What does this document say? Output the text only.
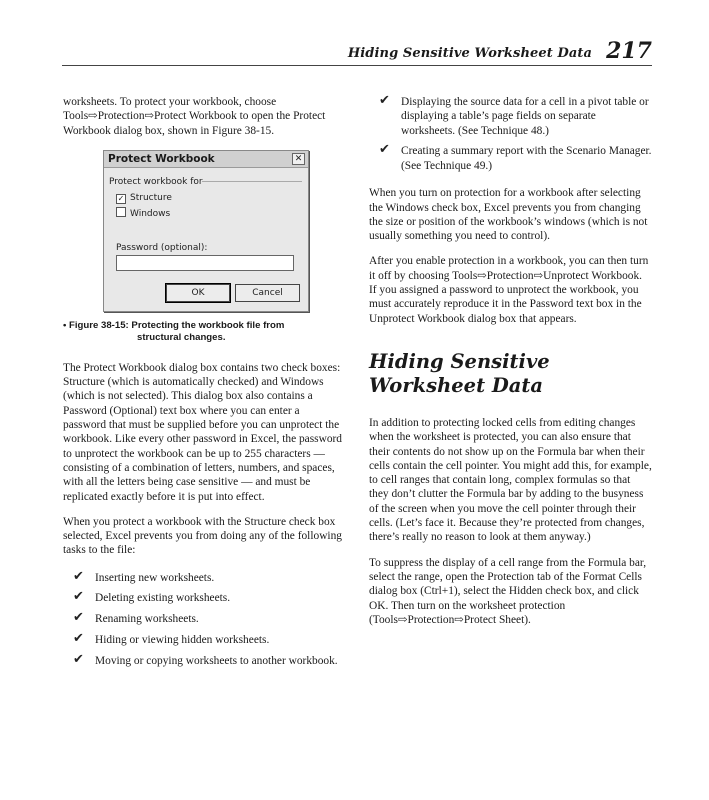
Hiding Sensitive Worksheet Data 217

worksheets. To protect your workbook, choose Tools⇨Protection⇨Protect Workbook to open the Protect Workbook dialog box, shown in Figure 38-15.

Protect Workbook	✕
Protect workbook for
✓ Structure
Windows
Password (optional):
OK	Cancel
• Figure 38-15: Protecting the workbook file from
structural changes.

The Protect Workbook dialog box contains two check boxes: Structure (which is automatically checked) and Windows (which is not selected). This dialog box also contains a Password (Optional) text box where you can enter a password that must be supplied before you can unprotect the workbook. Like every other password in Excel, the password to unprotect the workbook can be up to 255 characters — consisting of a combination of letters, numbers, and spaces, with all the letters being case sensitive — and must be replicated exactly before it is put into effect.

When you protect a workbook with the Structure check box selected, Excel prevents you from doing any of the following tasks to the file:

✔ Inserting new worksheets.
✔ Deleting existing worksheets.
✔ Renaming worksheets.
✔ Hiding or viewing hidden worksheets.
✔ Moving or copying worksheets to another workbook.
✔ Displaying the source data for a cell in a pivot table or displaying a table’s page fields on separate worksheets. (See Technique 48.)
✔ Creating a summary report with the Scenario Manager. (See Technique 49.)

When you turn on protection for a workbook after selecting the Windows check box, Excel prevents you from changing the size or position of the workbook’s windows (which is not usually something you need to control).

After you enable protection in a workbook, you can then turn it off by choosing Tools⇨Protection⇨Unprotect Workbook. If you assigned a password to unprotect the workbook, you must accurately reproduce it in the Password text box in the Unprotect Workbook dialog box that appears.

Hiding Sensitive
Worksheet Data

In addition to protecting locked cells from editing changes when the worksheet is protected, you can also ensure that their contents do not show up on the Formula bar when their cells contain the cell pointer. You might add this, for example, to cell ranges that contain long, complex formulas so that they don’t clutter the Formula bar by adding to the busyness of the screen when you move the cell pointer through their cells. (Let’s face it. Because they’re protected from changes, there’s really no reason to look at them anyway.)

To suppress the display of a cell range from the Formula bar, select the range, open the Protection tab of the Format Cells dialog box (Ctrl+1), select the Hidden check box, and click OK. Then turn on the worksheet protection (Tools⇨Protection⇨Protect Sheet).
